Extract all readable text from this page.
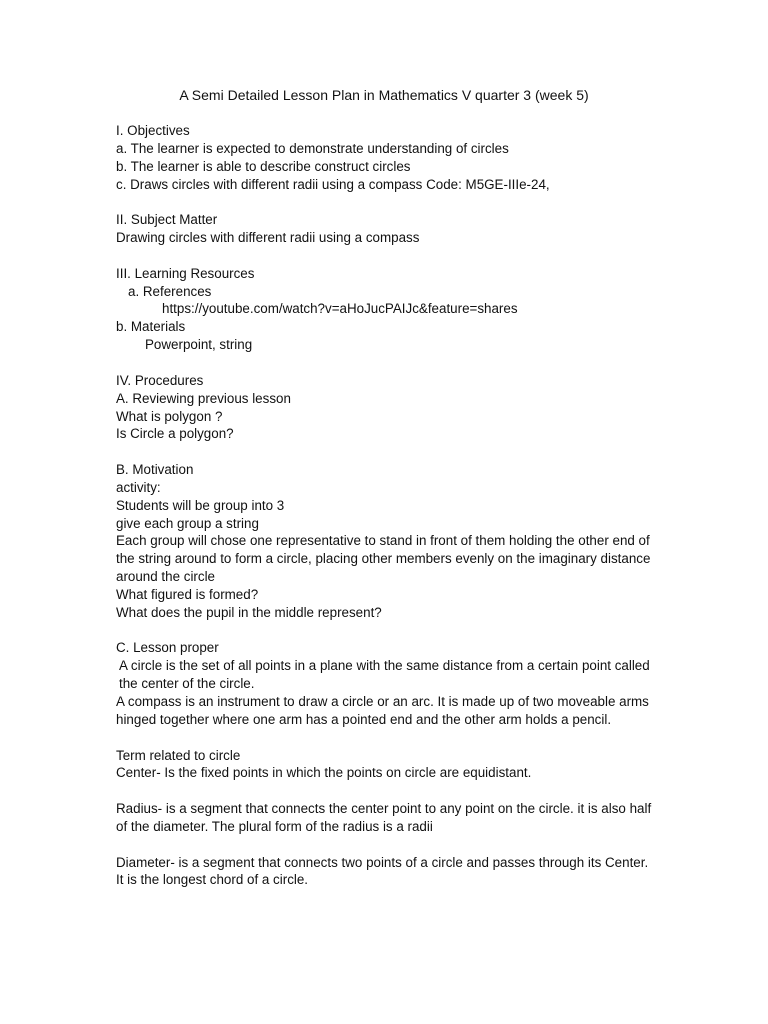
A Semi Detailed Lesson Plan in Mathematics V quarter 3 (week 5)

I. Objectives

a. The learner is expected to demonstrate understanding of circles

b. The learner is able to describe construct circles

c. Draws circles with different radii using a compass Code: M5GE-IIIe-24,

II. Subject Matter

Drawing circles with different radii using a compass

III. Learning Resources

a. References

https://youtube.com/watch?v=aHoJucPAIJc&feature=shares

b. Materials

Powerpoint, string

IV. Procedures

A. Reviewing previous lesson

What is polygon ?

Is Circle a polygon?

B. Motivation

activity:

Students will be group into 3

give each group a string

Each group will chose one representative to stand in front of them holding the other end of the string around to form a circle, placing other members evenly on the imaginary distance around the circle

What figured is formed?

What does the pupil in the middle represent?

C. Lesson proper

A circle is the set of all points in a plane with the same distance from a certain point called the center of the circle.

A compass is an instrument to draw a circle or an arc. It is made up of two moveable arms hinged together where one arm has a pointed end and the other arm holds a pencil.

Term related to circle

Center- Is the fixed points in which the points on circle are equidistant.

Radius- is a segment that connects the center point to any point on the circle. it is also half of the diameter. The plural form of the radius is a radii

Diameter- is a segment that connects two points of a circle and passes through its Center. It is the longest chord of a circle.
